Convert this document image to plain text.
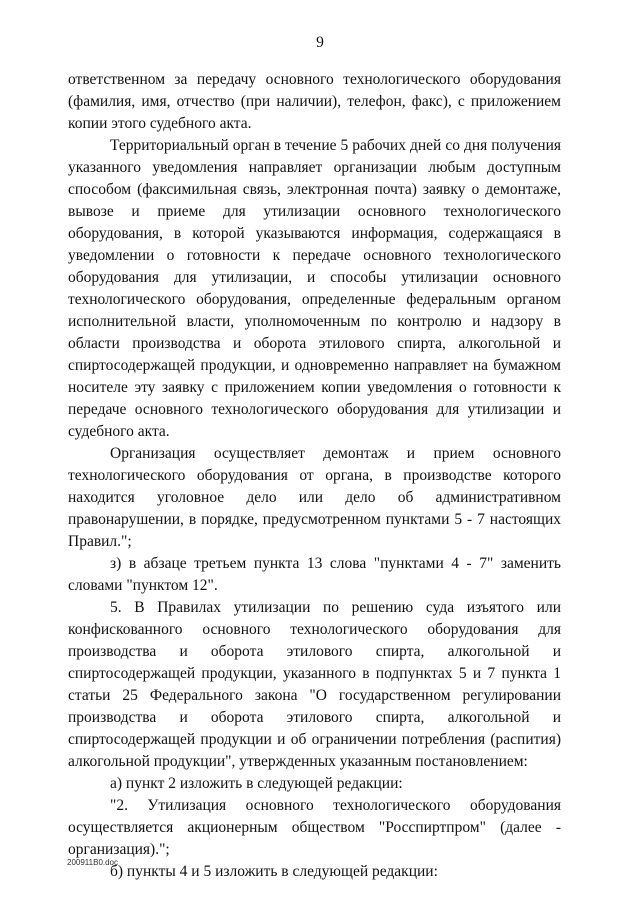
9

ответственном за передачу основного технологического оборудования (фамилия, имя, отчество (при наличии), телефон, факс), с приложением копии этого судебного акта.

Территориальный орган в течение 5 рабочих дней со дня получения указанного уведомления направляет организации любым доступным способом (факсимильная связь, электронная почта) заявку о демонтаже, вывозе и приеме для утилизации основного технологического оборудования, в которой указываются информация, содержащаяся в уведомлении о готовности к передаче основного технологического оборудования для утилизации, и способы утилизации основного технологического оборудования, определенные федеральным органом исполнительной власти, уполномоченным по контролю и надзору в области производства и оборота этилового спирта, алкогольной и спиртосодержащей продукции, и одновременно направляет на бумажном носителе эту заявку с приложением копии уведомления о готовности к передаче основного технологического оборудования для утилизации и судебного акта.

Организация осуществляет демонтаж и прием основного технологического оборудования от органа, в производстве которого находится уголовное дело или дело об административном правонарушении, в порядке, предусмотренном пунктами 5 - 7 настоящих Правил.";

з) в абзаце третьем пункта 13 слова "пунктами 4 - 7" заменить словами "пунктом 12".

5. В Правилах утилизации по решению суда изъятого или конфискованного основного технологического оборудования для производства и оборота этилового спирта, алкогольной и спиртосодержащей продукции, указанного в подпунктах 5 и 7 пункта 1 статьи 25 Федерального закона "О государственном регулировании производства и оборота этилового спирта, алкогольной и спиртосодержащей продукции и об ограничении потребления (распития) алкогольной продукции", утвержденных указанным постановлением:

а) пункт 2 изложить в следующей редакции:

"2. Утилизация основного технологического оборудования осуществляется акционерным обществом "Росспиртпром" (далее - организация).";

б) пункты 4 и 5 изложить в следующей редакции:

200911B0.doc
